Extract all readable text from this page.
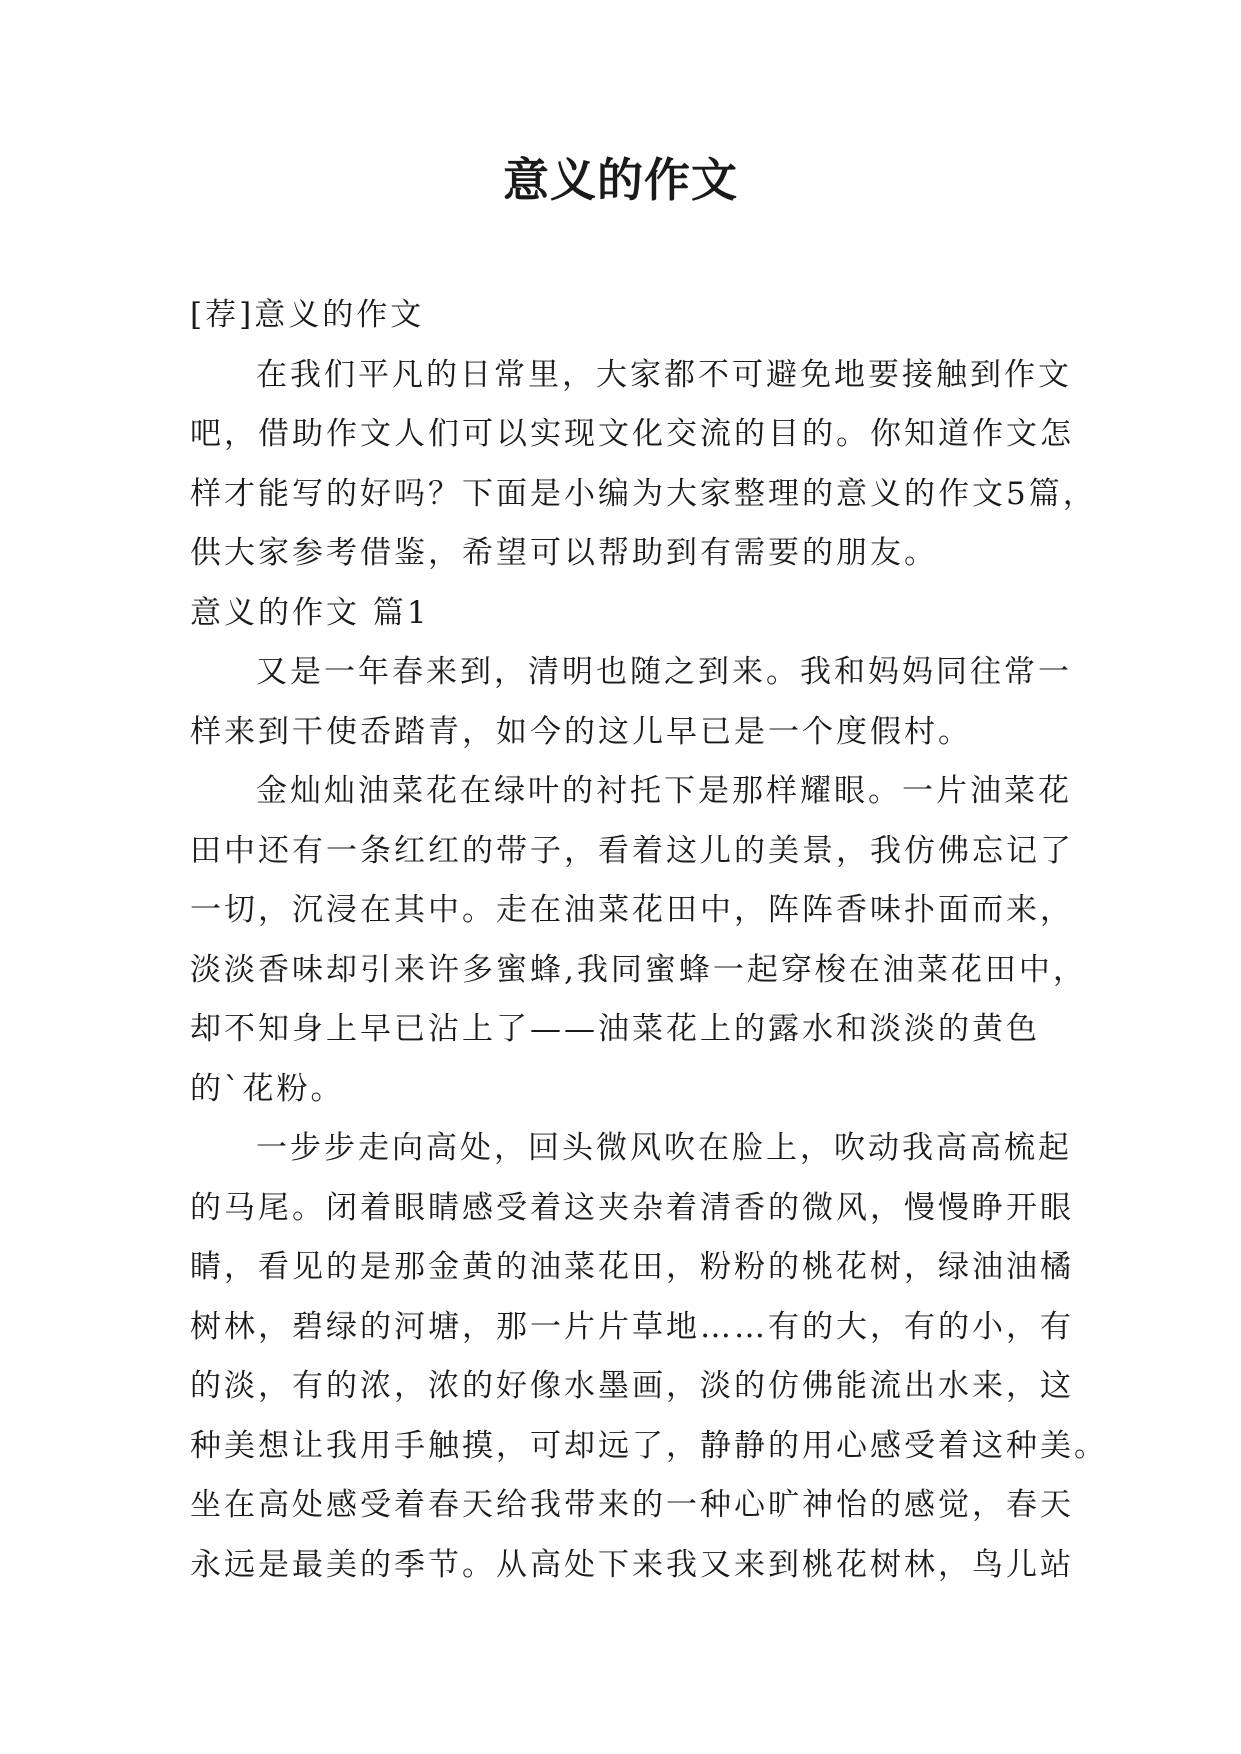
意义的作文
[荐]意义的作文
在我们平凡的日常里，大家都不可避免地要接触到作文
吧，借助作文人们可以实现文化交流的目的。你知道作文怎
样才能写的好吗？下面是小编为大家整理的意义的作文5篇，
供大家参考借鉴，希望可以帮助到有需要的朋友。
意义的作文 篇1
又是一年春来到，清明也随之到来。我和妈妈同往常一
样来到干使岙踏青，如今的这儿早已是一个度假村。
金灿灿油菜花在绿叶的衬托下是那样耀眼。一片油菜花
田中还有一条红红的带子，看着这儿的美景，我仿佛忘记了
一切，沉浸在其中。走在油菜花田中，阵阵香味扑面而来，
淡淡香味却引来许多蜜蜂,我同蜜蜂一起穿梭在油菜花田中，
却不知身上早已沾上了——油菜花上的露水和淡淡的黄色
的`花粉。
一步步走向高处，回头微风吹在脸上，吹动我高高梳起
的马尾。闭着眼睛感受着这夹杂着清香的微风，慢慢睁开眼
睛，看见的是那金黄的油菜花田，粉粉的桃花树，绿油油橘
树林，碧绿的河塘，那一片片草地……有的大，有的小，有
的淡，有的浓，浓的好像水墨画，淡的仿佛能流出水来，这
种美想让我用手触摸，可却远了，静静的用心感受着这种美。
坐在高处感受着春天给我带来的一种心旷神怡的感觉，春天
永远是最美的季节。从高处下来我又来到桃花树林，鸟儿站
